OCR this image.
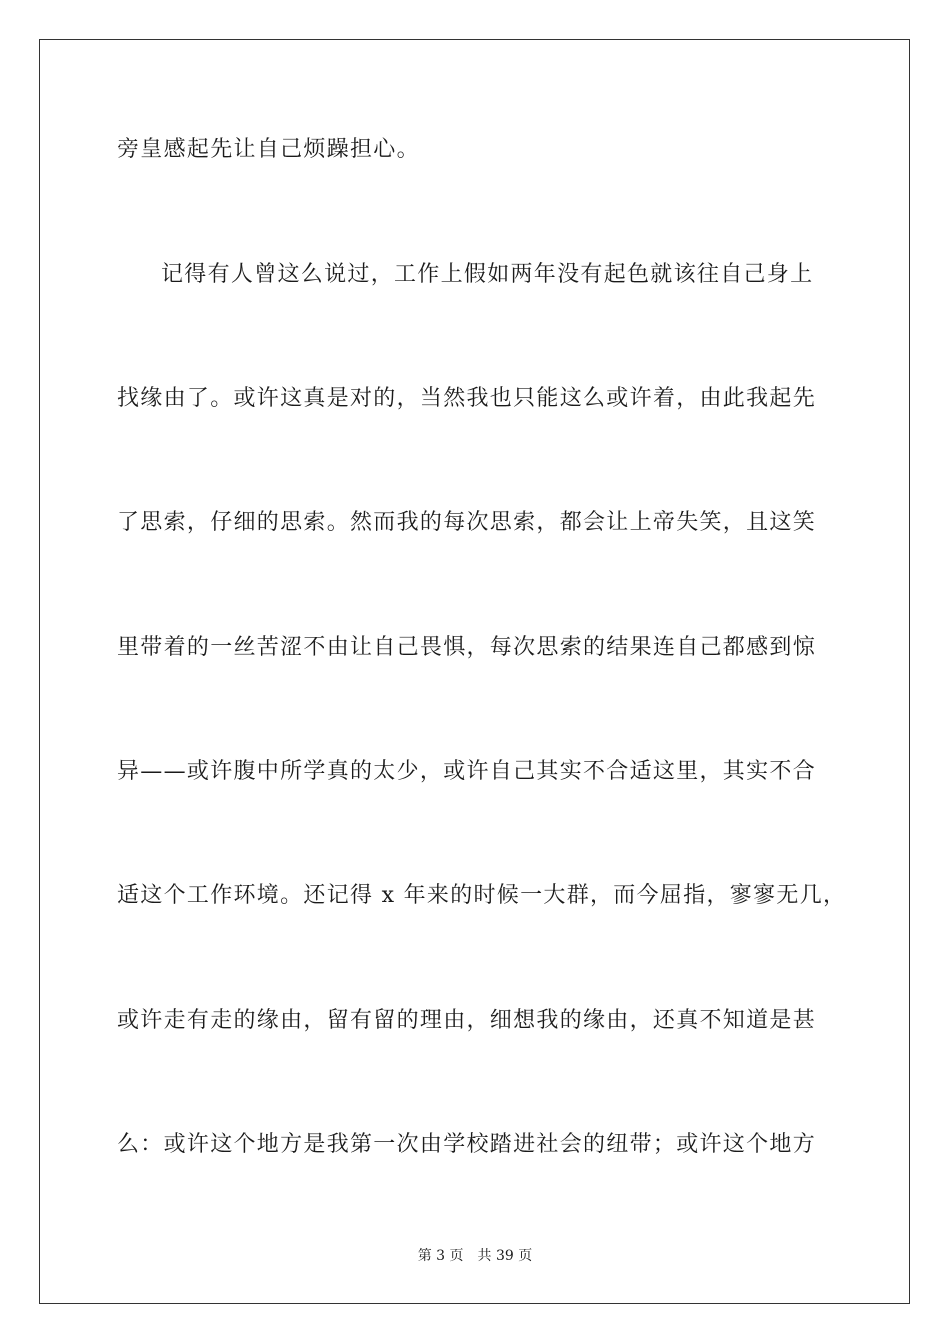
旁皇感起先让自己烦躁担心。
记得有人曾这么说过，工作上假如两年没有起色就该往自己身上
找缘由了。或许这真是对的，当然我也只能这么或许着，由此我起先
了思索，仔细的思索。然而我的每次思索，都会让上帝失笑，且这笑
里带着的一丝苦涩不由让自己畏惧，每次思索的结果连自己都感到惊
异——或许腹中所学真的太少，或许自己其实不合适这里，其实不合
适这个工作环境。还记得 x 年来的时候一大群，而今屈指，寥寥无几，
或许走有走的缘由，留有留的理由，细想我的缘由，还真不知道是甚
么：或许这个地方是我第一次由学校踏进社会的纽带；或许这个地方
第 3 页 共 39 页
